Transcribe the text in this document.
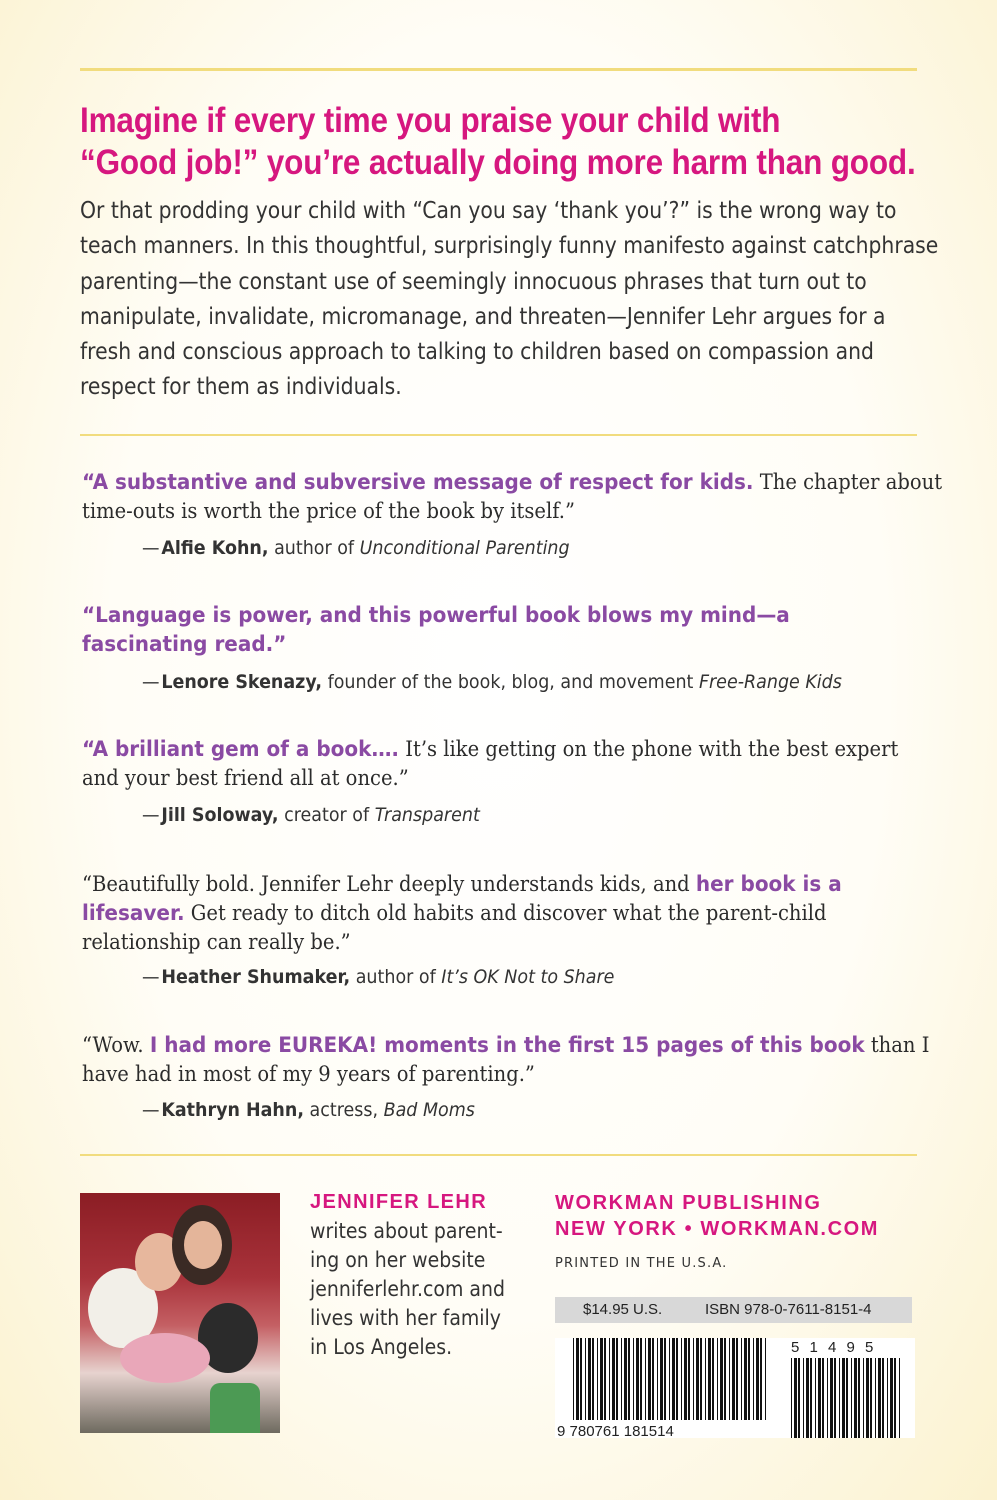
Imagine if every time you praise your child with
“Good job!” you’re actually doing more harm than good.
Or that prodding your child with “Can you say ‘thank you’?” is the wrong way to
teach manners. In this thoughtful, surprisingly funny manifesto against catchphrase
parenting—the constant use of seemingly innocuous phrases that turn out to
manipulate, invalidate, micromanage, and threaten—Jennifer Lehr argues for a
fresh and conscious approach to talking to children based on compassion and
respect for them as individuals.
“A substantive and subversive message of respect for kids. The chapter about
time-outs is worth the price of the book by itself.”
—Alfie Kohn, author of Unconditional Parenting
“Language is power, and this powerful book blows my mind—a
fascinating read.”
—Lenore Skenazy, founder of the book, blog, and movement Free-Range Kids
“A brilliant gem of a book…. It’s like getting on the phone with the best expert
and your best friend all at once.”
—Jill Soloway, creator of Transparent
“Beautifully bold. Jennifer Lehr deeply understands kids, and her book is a
lifesaver. Get ready to ditch old habits and discover what the parent-child
relationship can really be.”
—Heather Shumaker, author of It’s OK Not to Share
“Wow. I had more EUREKA! moments in the first 15 pages of this book than I
have had in most of my 9 years of parenting.”
—Kathryn Hahn, actress, Bad Moms
JENNIFER LEHR
writes about parent-
ing on her website
jenniferlehr.com and
lives with her family
in Los Angeles.
WORKMAN PUBLISHING
NEW YORK • WORKMAN.COM
PRINTED IN THE U.S.A.
$14.95 U.S.	ISBN 978-0-7611-8151-4
9 780761 181514
5 1 4 9 5
